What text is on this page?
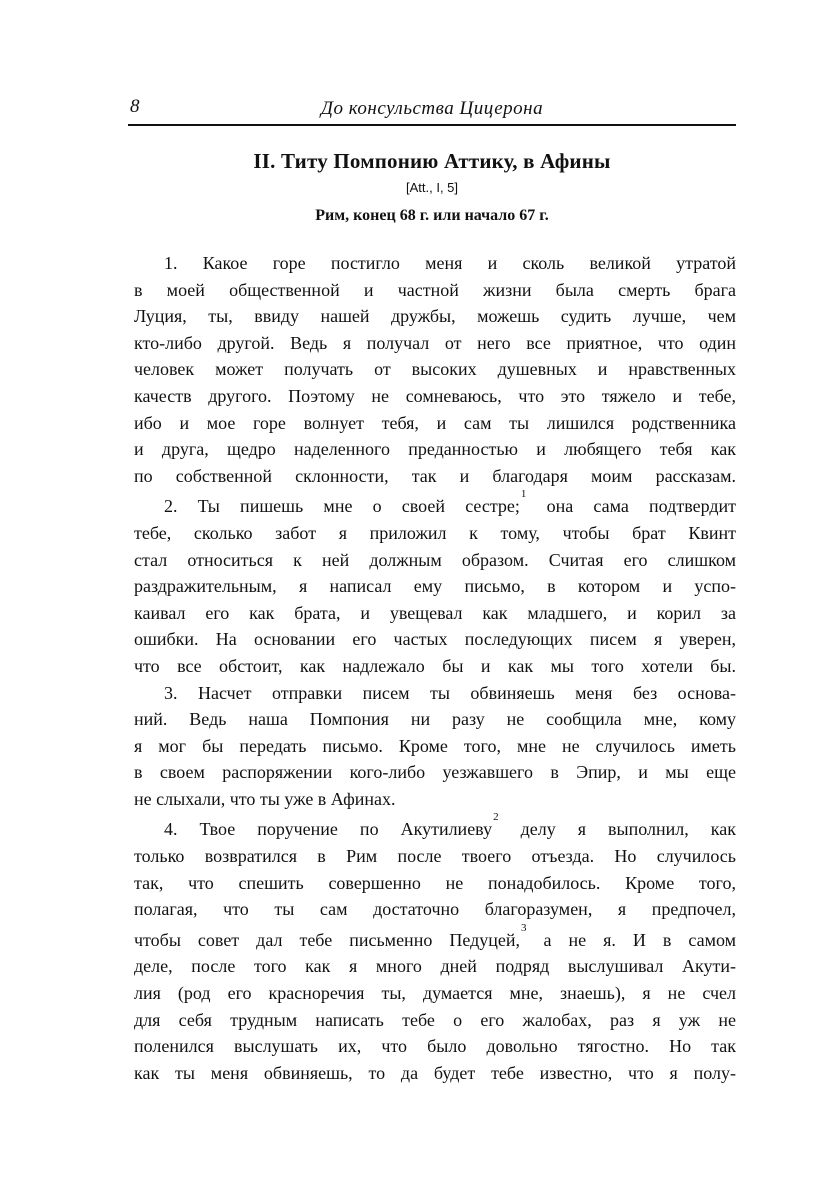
8	До консульства Цицерона
II. Титу Помпонию Аттику, в Афины
[Att., I, 5]
Рим, конец 68 г. или начало 67 г.
1. Какое горе постигло меня и сколь великой утратой
в моей общественной и частной жизни была смерть брага
Луция, ты, ввиду нашей дружбы, можешь судить лучше, чем
кто-либо другой. Ведь я получал от него все приятное, что один
человек может получать от высоких душевных и нравственных
качеств другого. Поэтому не сомневаюсь, что это тяжело и тебе,
ибо и мое горе волнует тебя, и сам ты лишился родственника
и друга, щедро наделенного преданностью и любящего тебя как
по собственной склонности, так и благодаря моим рассказам.
2. Ты пишешь мне о своей сестре;$^1$ она сама подтвердит
тебе, сколько забот я приложил к тому, чтобы брат Квинт
стал относиться к ней должным образом. Считая его слишком
раздражительным, я написал ему письмо, в котором и успо-
каивал его как брата, и увещевал как младшего, и корил за
ошибки. На основании его частых последующих писем я уверен,
что все обстоит, как надлежало бы и как мы того хотели бы.
3. Насчет отправки писем ты обвиняешь меня без основа-
ний. Ведь наша Помпония ни разу не сообщила мне, кому
я мог бы передать письмо. Кроме того, мне не случилось иметь
в своем распоряжении кого-либо уезжавшего в Эпир, и мы еще
не слыхали, что ты уже в Афинах.
4. Твое поручение по Акутилиеву$^2$ делу я выполнил, как
только возвратился в Рим после твоего отъезда. Но случилось
так, что спешить совершенно не понадобилось. Кроме того,
полагая, что ты сам достаточно благоразумен, я предпочел,
чтобы совет дал тебе письменно Педуцей,$^3$ а не я. И в самом
деле, после того как я много дней подряд выслушивал Акути-
лия (род его красноречия ты, думается мне, знаешь), я не счел
для себя трудным написать тебе о его жалобах, раз я уж не
поленился выслушать их, что было довольно тягостно. Но так
как ты меня обвиняешь, то да будет тебе известно, что я полу-
